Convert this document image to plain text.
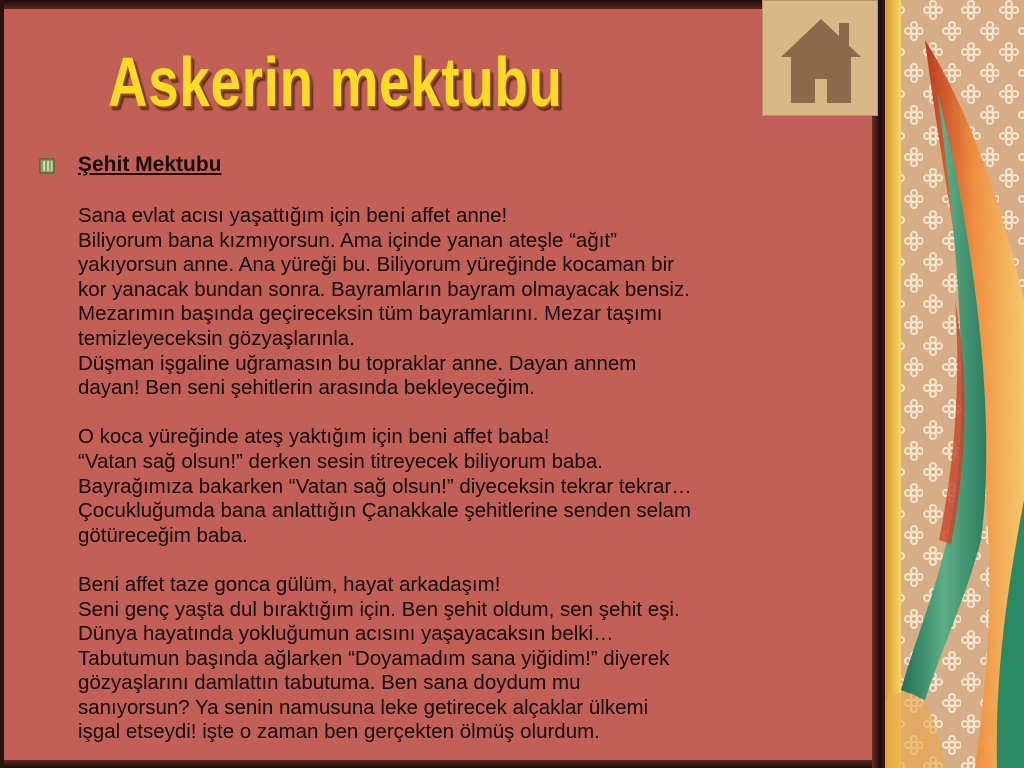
Askerin mektubu
Şehit Mektubu
Sana evlat acısı yaşattığım için beni affet anne!
Biliyorum bana kızmıyorsun. Ama içinde yanan ateşle “ağıt”
yakıyorsun anne. Ana yüreği bu. Biliyorum yüreğinde kocaman bir
kor yanacak bundan sonra. Bayramların bayram olmayacak bensiz.
Mezarımın başında geçireceksin tüm bayramlarını. Mezar taşımı
temizleyeceksin gözyaşlarınla.
Düşman işgaline uğramasın bu topraklar anne. Dayan annem
dayan! Ben seni şehitlerin arasında bekleyeceğim.
O koca yüreğinde ateş yaktığım için beni affet baba!
“Vatan sağ olsun!” derken sesin titreyecek biliyorum baba.
Bayrağımıza bakarken “Vatan sağ olsun!” diyeceksin tekrar tekrar…
Çocukluğumda bana anlattığın Çanakkale şehitlerine senden selam
götüreceğim baba.
Beni affet taze gonca gülüm, hayat arkadaşım!
Seni genç yaşta dul bıraktığım için. Ben şehit oldum, sen şehit eşi.
Dünya hayatında yokluğumun acısını yaşayacaksın belki…
Tabutumun başında ağlarken “Doyamadım sana yiğidim!” diyerek
gözyaşlarını damlattın tabutuma. Ben sana doydum mu
sanıyorsun? Ya senin namusuna leke getirecek alçaklar ülkemi
işgal etseydi! işte o zaman ben gerçekten ölmüş olurdum.
